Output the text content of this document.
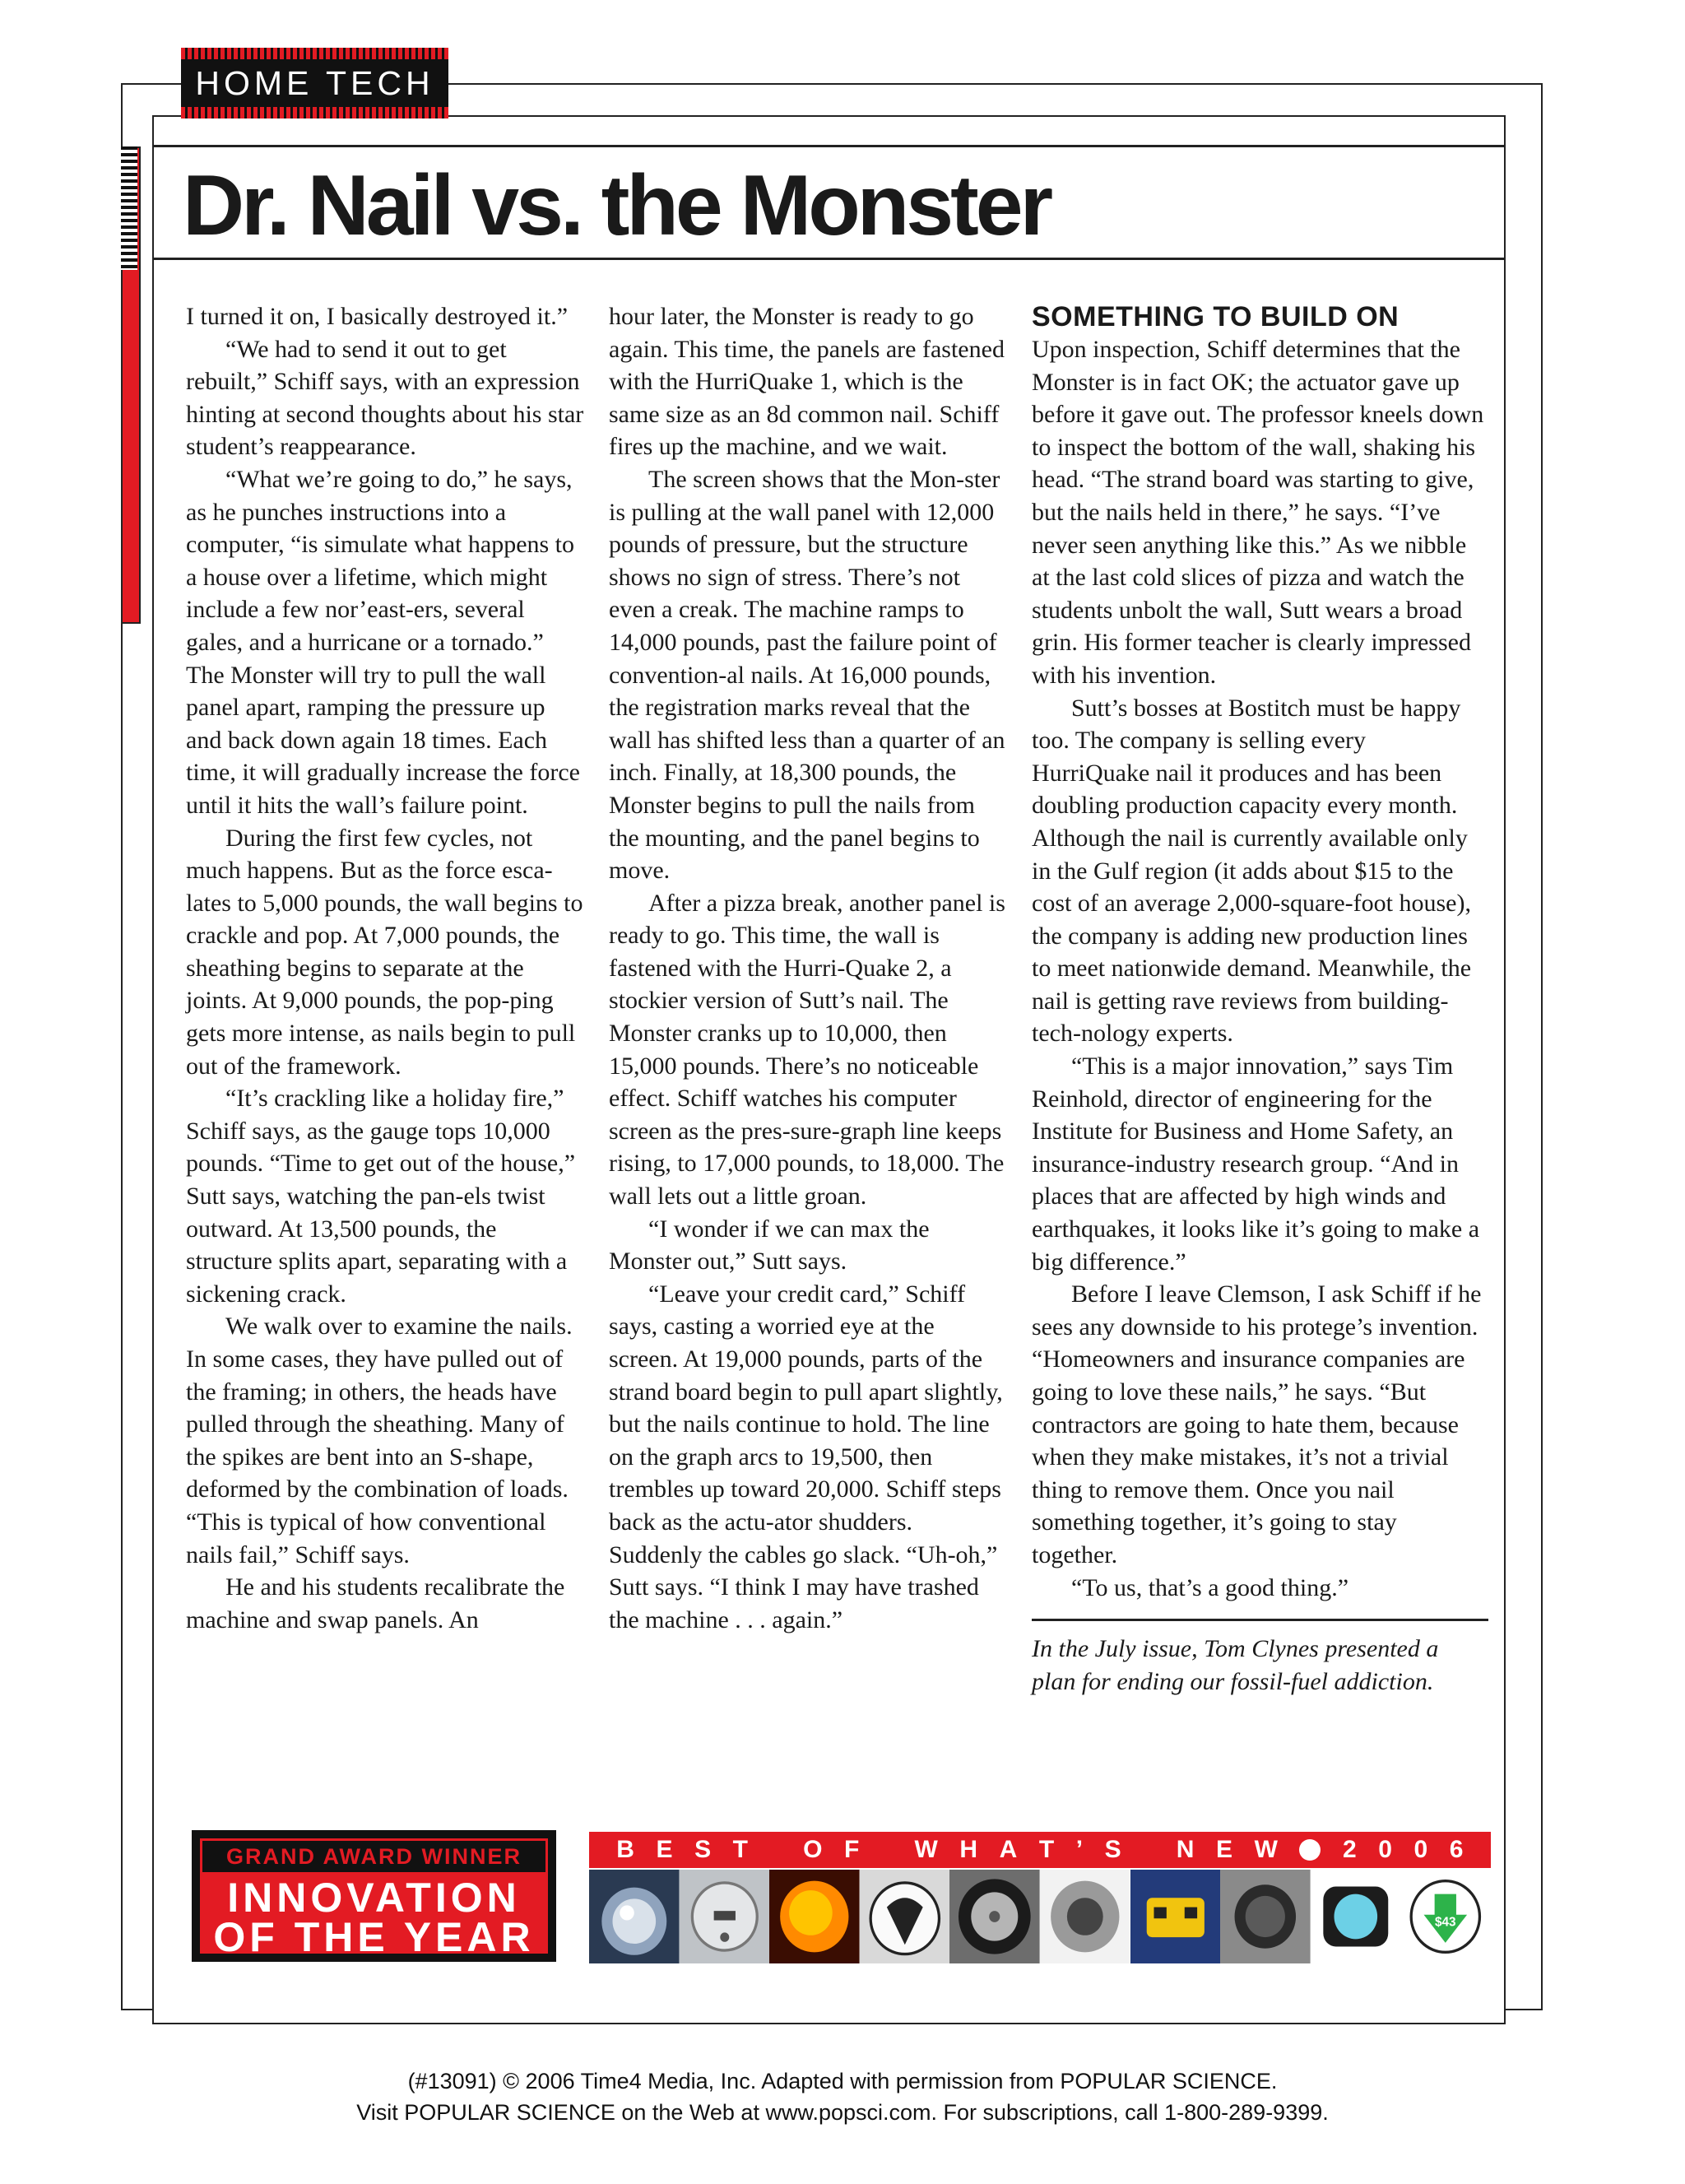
HOME TECH
Dr. Nail vs. the Monster

I turned it on, I basically destroyed it.”

“We had to send it out to get rebuilt,” Schiff says, with an expression hinting at second thoughts about his star student’s reappearance.

“What we’re going to do,” he says, as he punches instructions into a computer, “is simulate what happens to a house over a lifetime, which might include a few nor’east-ers, several gales, and a hurricane or a tornado.” The Monster will try to pull the wall panel apart, ramping the pressure up and back down again 18 times. Each time, it will gradually increase the force until it hits the wall’s failure point.

During the first few cycles, not much happens. But as the force esca-lates to 5,000 pounds, the wall begins to crackle and pop. At 7,000 pounds, the sheathing begins to separate at the joints. At 9,000 pounds, the pop-ping gets more intense, as nails begin to pull out of the framework.

“It’s crackling like a holiday fire,” Schiff says, as the gauge tops 10,000 pounds. “Time to get out of the house,” Sutt says, watching the pan-els twist outward. At 13,500 pounds, the structure splits apart, separating with a sickening crack.

We walk over to examine the nails. In some cases, they have pulled out of the framing; in others, the heads have pulled through the sheathing. Many of the spikes are bent into an S-shape, deformed by the combination of loads. “This is typical of how conventional nails fail,” Schiff says.

He and his students recalibrate the machine and swap panels. An

hour later, the Monster is ready to go again. This time, the panels are fastened with the HurriQuake 1, which is the same size as an 8d common nail. Schiff fires up the machine, and we wait.

The screen shows that the Mon-ster is pulling at the wall panel with 12,000 pounds of pressure, but the structure shows no sign of stress. There’s not even a creak. The machine ramps to 14,000 pounds, past the failure point of convention-al nails. At 16,000 pounds, the registration marks reveal that the wall has shifted less than a quarter of an inch. Finally, at 18,300 pounds, the Monster begins to pull the nails from the mounting, and the panel begins to move.

After a pizza break, another panel is ready to go. This time, the wall is fastened with the Hurri-Quake 2, a stockier version of Sutt’s nail. The Monster cranks up to 10,000, then 15,000 pounds. There’s no noticeable effect. Schiff watches his computer screen as the pres-sure-graph line keeps rising, to 17,000 pounds, to 18,000. The wall lets out a little groan.

“I wonder if we can max the Monster out,” Sutt says.

“Leave your credit card,” Schiff says, casting a worried eye at the screen. At 19,000 pounds, parts of the strand board begin to pull apart slightly, but the nails continue to hold. The line on the graph arcs to 19,500, then trembles up toward 20,000. Schiff steps back as the actu-ator shudders. Suddenly the cables go slack. “Uh-oh,” Sutt says. “I think I may have trashed the machine . . . again.”

SOMETHING TO BUILD ON

Upon inspection, Schiff determines that the Monster is in fact OK; the actuator gave up before it gave out. The professor kneels down to inspect the bottom of the wall, shaking his head. “The strand board was starting to give, but the nails held in there,” he says. “I’ve never seen anything like this.” As we nibble at the last cold slices of pizza and watch the students unbolt the wall, Sutt wears a broad grin. His former teacher is clearly impressed with his invention.

Sutt’s bosses at Bostitch must be happy too. The company is selling every HurriQuake nail it produces and has been doubling production capacity every month. Although the nail is currently available only in the Gulf region (it adds about $15 to the cost of an average 2,000-square-foot house), the company is adding new production lines to meet nationwide demand. Meanwhile, the nail is getting rave reviews from building-tech-nology experts.

“This is a major innovation,” says Tim Reinhold, director of engineering for the Institute for Business and Home Safety, an insurance-industry research group. “And in places that are affected by high winds and earthquakes, it looks like it’s going to make a big difference.”

Before I leave Clemson, I ask Schiff if he sees any downside to his protege’s invention. “Homeowners and insurance companies are going to love these nails,” he says. “But contractors are going to hate them, because when they make mistakes, it’s not a trivial thing to remove them. Once you nail something together, it’s going to stay together.

“To us, that’s a good thing.”

In the July issue, Tom Clynes presented a plan for ending our fossil-fuel addiction.

GRAND AWARD WINNER
INNOVATION
OF THE YEAR
B E S T O F W H A T ’ S N E W	2 0 0 6
$43
(#13091) © 2006 Time4 Media, Inc. Adapted with permission from POPULAR SCIENCE.
Visit POPULAR SCIENCE on the Web at www.popsci.com. For subscriptions, call 1-800-289-9399.
